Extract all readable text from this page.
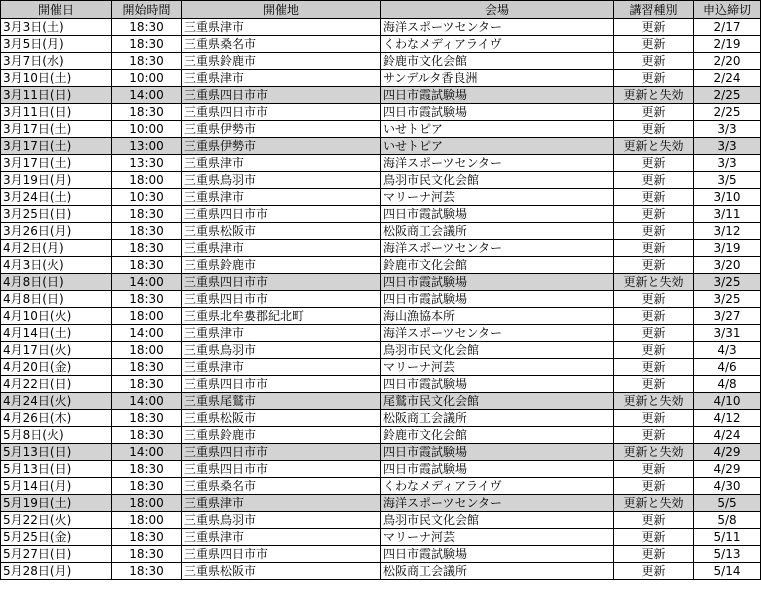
開催日	開始時間	開催地	会場	講習種別	申込締切
3月3日(土)	18:30	三重県津市	海洋スポーツセンター	更新	2/17
3月5日(月)	18:30	三重県桑名市	くわなメディアライヴ	更新	2/19
3月7日(水)	18:30	三重県鈴鹿市	鈴鹿市文化会館	更新	2/20
3月10日(土)	10:00	三重県津市	サンデルタ香良洲	更新	2/24
3月11日(日)	14:00	三重県四日市市	四日市霞試験場	更新と失効	2/25
3月11日(日)	18:30	三重県四日市市	四日市霞試験場	更新	2/25
3月17日(土)	10:00	三重県伊勢市	いせトピア	更新	3/3
3月17日(土)	13:00	三重県伊勢市	いせトピア	更新と失効	3/3
3月17日(土)	13:30	三重県津市	海洋スポーツセンター	更新	3/3
3月19日(月)	18:00	三重県鳥羽市	鳥羽市民文化会館	更新	3/5
3月24日(土)	10:30	三重県津市	マリーナ河芸	更新	3/10
3月25日(日)	18:30	三重県四日市市	四日市霞試験場	更新	3/11
3月26日(月)	18:30	三重県松阪市	松阪商工会議所	更新	3/12
4月2日(月)	18:30	三重県津市	海洋スポーツセンター	更新	3/19
4月3日(火)	18:30	三重県鈴鹿市	鈴鹿市文化会館	更新	3/20
4月8日(日)	14:00	三重県四日市市	四日市霞試験場	更新と失効	3/25
4月8日(日)	18:30	三重県四日市市	四日市霞試験場	更新	3/25
4月10日(火)	18:00	三重県北牟婁郡紀北町	海山漁協本所	更新	3/27
4月14日(土)	14:00	三重県津市	海洋スポーツセンター	更新	3/31
4月17日(火)	18:00	三重県鳥羽市	鳥羽市民文化会館	更新	4/3
4月20日(金)	18:30	三重県津市	マリーナ河芸	更新	4/6
4月22日(日)	18:30	三重県四日市市	四日市霞試験場	更新	4/8
4月24日(火)	14:00	三重県尾鷲市	尾鷲市民文化会館	更新と失効	4/10
4月26日(木)	18:30	三重県松阪市	松阪商工会議所	更新	4/12
5月8日(火)	18:30	三重県鈴鹿市	鈴鹿市文化会館	更新	4/24
5月13日(日)	14:00	三重県四日市市	四日市霞試験場	更新と失効	4/29
5月13日(日)	18:30	三重県四日市市	四日市霞試験場	更新	4/29
5月14日(月)	18:30	三重県桑名市	くわなメディアライヴ	更新	4/30
5月19日(土)	18:00	三重県津市	海洋スポーツセンター	更新と失効	5/5
5月22日(火)	18:00	三重県鳥羽市	鳥羽市民文化会館	更新	5/8
5月25日(金)	18:30	三重県津市	マリーナ河芸	更新	5/11
5月27日(日)	18:30	三重県四日市市	四日市霞試験場	更新	5/13
5月28日(月)	18:30	三重県松阪市	松阪商工会議所	更新	5/14
